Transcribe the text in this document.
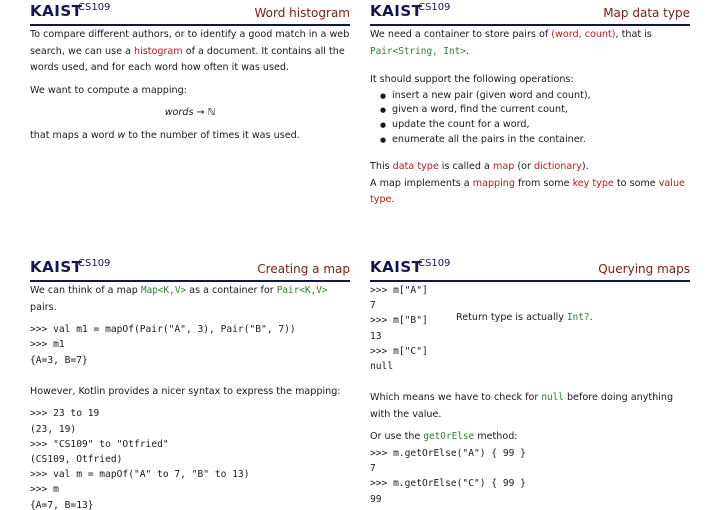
KAIST
CS109	Word histogram

To compare different authors, or to identify a good match in a web search, we can use a histogram of a document. It contains all the words used, and for each word how often it was used.

We want to compute a mapping:

words → ℕ

that maps a word w to the number of times it was used.

KAIST
CS109	Map data type

We need a container to store pairs of (word, count), that is Pair<String, Int>.

It should support the following operations:

● insert a new pair (given word and count),
● given a word, find the current count,
● update the count for a word,
● enumerate all the pairs in the container.

This data type is called a map (or dictionary).

A map implements a mapping from some key type to some value type.

KAIST
CS109	Creating a map

We can think of a map Map<K,V> as a container for Pair<K,V> pairs.

>>> val m1 = mapOf(Pair("A", 3), Pair("B", 7))
>>> m1
{A=3, B=7}

However, Kotlin provides a nicer syntax to express the mapping:

>>> 23 to 19
(23, 19)
>>> "CS109" to "Otfried"
(CS109, Otfried)
>>> val m = mapOf("A" to 7, "B" to 13)
>>> m
{A=7, B=13}
KAIST
CS109	Querying maps
>>> m["A"]
7
>>> m["B"]
13
>>> m["C"]
null

Which means we have to check for null before doing anything with the value.

Or use the getOrElse method:

>>> m.getOrElse("A") { 99 }
7
>>> m.getOrElse("C") { 99 }
99
Return type is actually Int?.
